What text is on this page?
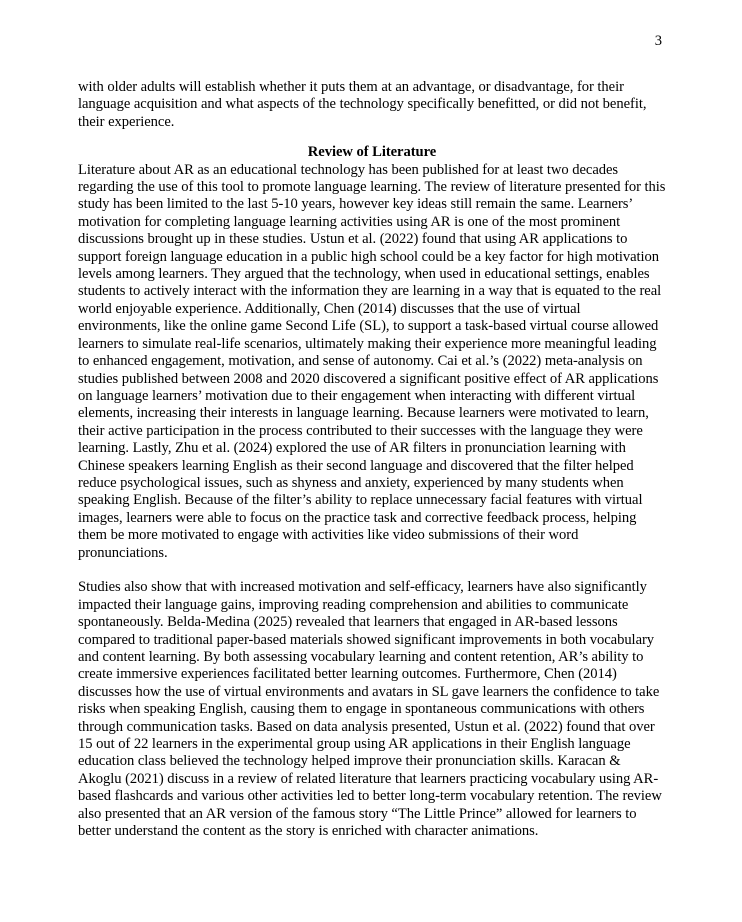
3

with older adults will establish whether it puts them at an advantage, or disadvantage, for their language acquisition and what aspects of the technology specifically benefitted, or did not benefit, their experience.

Review of Literature

Literature about AR as an educational technology has been published for at least two decades regarding the use of this tool to promote language learning. The review of literature presented for this study has been limited to the last 5-10 years, however key ideas still remain the same. Learners’ motivation for completing language learning activities using AR is one of the most prominent discussions brought up in these studies. Ustun et al. (2022) found that using AR applications to support foreign language education in a public high school could be a key factor for high motivation levels among learners. They argued that the technology, when used in educational settings, enables students to actively interact with the information they are learning in a way that is equated to the real world enjoyable experience. Additionally, Chen (2014) discusses that the use of virtual environments, like the online game Second Life (SL), to support a task-based virtual course allowed learners to simulate real-life scenarios, ultimately making their experience more meaningful leading to enhanced engagement, motivation, and sense of autonomy. Cai et al.’s (2022) meta-analysis on studies published between 2008 and 2020 discovered a significant positive effect of AR applications on language learners’ motivation due to their engagement when interacting with different virtual elements, increasing their interests in language learning. Because learners were motivated to learn, their active participation in the process contributed to their successes with the language they were learning. Lastly, Zhu et al. (2024) explored the use of AR filters in pronunciation learning with Chinese speakers learning English as their second language and discovered that the filter helped reduce psychological issues, such as shyness and anxiety, experienced by many students when speaking English. Because of the filter’s ability to replace unnecessary facial features with virtual images, learners were able to focus on the practice task and corrective feedback process, helping them be more motivated to engage with activities like video submissions of their word pronunciations.

Studies also show that with increased motivation and self-efficacy, learners have also significantly impacted their language gains, improving reading comprehension and abilities to communicate spontaneously. Belda-Medina (2025) revealed that learners that engaged in AR-based lessons compared to traditional paper-based materials showed significant improvements in both vocabulary and content learning. By both assessing vocabulary learning and content retention, AR’s ability to create immersive experiences facilitated better learning outcomes. Furthermore, Chen (2014) discusses how the use of virtual environments and avatars in SL gave learners the confidence to take risks when speaking English, causing them to engage in spontaneous communications with others through communication tasks. Based on data analysis presented, Ustun et al. (2022) found that over 15 out of 22 learners in the experimental group using AR applications in their English language education class believed the technology helped improve their pronunciation skills. Karacan & Akoglu (2021) discuss in a review of related literature that learners practicing vocabulary using AR-based flashcards and various other activities led to better long-term vocabulary retention. The review also presented that an AR version of the famous story “The Little Prince” allowed for learners to better understand the content as the story is enriched with character animations.
